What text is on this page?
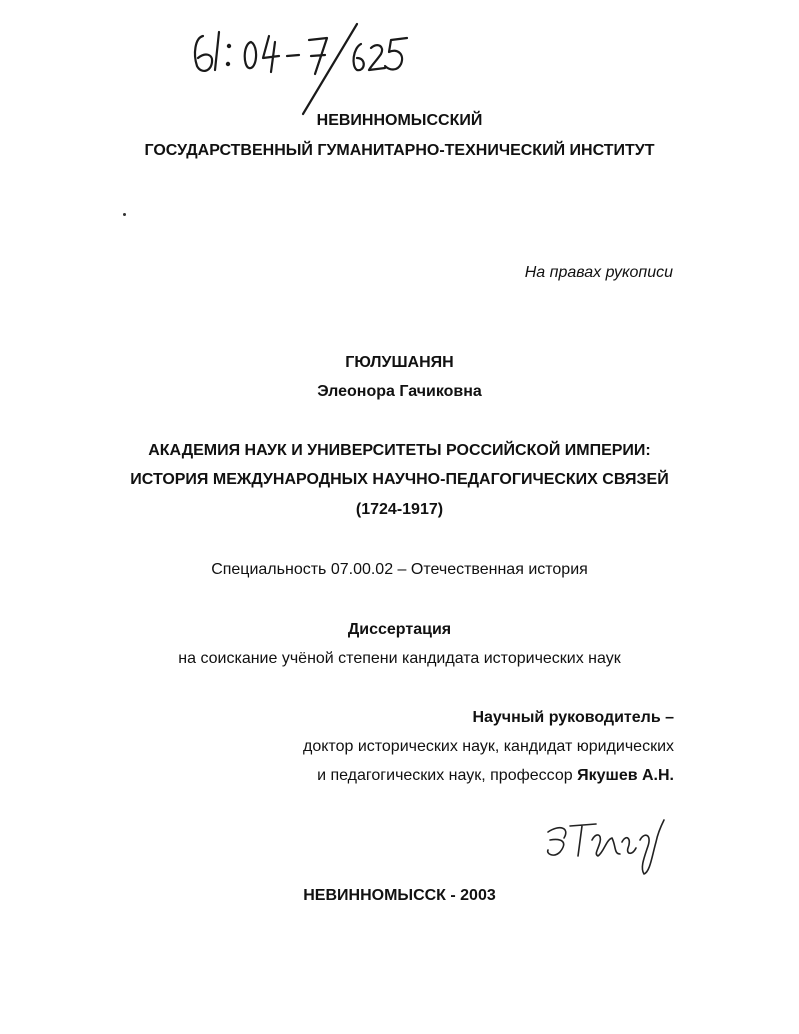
НЕВИННОМЫССКИЙ
ГОСУДАРСТВЕННЫЙ ГУМАНИТАРНО-ТЕХНИЧЕСКИЙ ИНСТИТУТ
На правах рукописи
ГЮЛУШАНЯН
Элеонора Гачиковна
АКАДЕМИЯ НАУК И УНИВЕРСИТЕТЫ РОССИЙСКОЙ ИМПЕРИИ:
ИСТОРИЯ МЕЖДУНАРОДНЫХ НАУЧНО-ПЕДАГОГИЧЕСКИХ СВЯЗЕЙ
(1724-1917)
Специальность 07.00.02 – Отечественная история
Диссертация
на соискание учёной степени кандидата исторических наук
Научный руководитель –
доктор исторических наук, кандидат юридических
и педагогических наук, профессор Якушев А.Н.
НЕВИННОМЫССК - 2003
